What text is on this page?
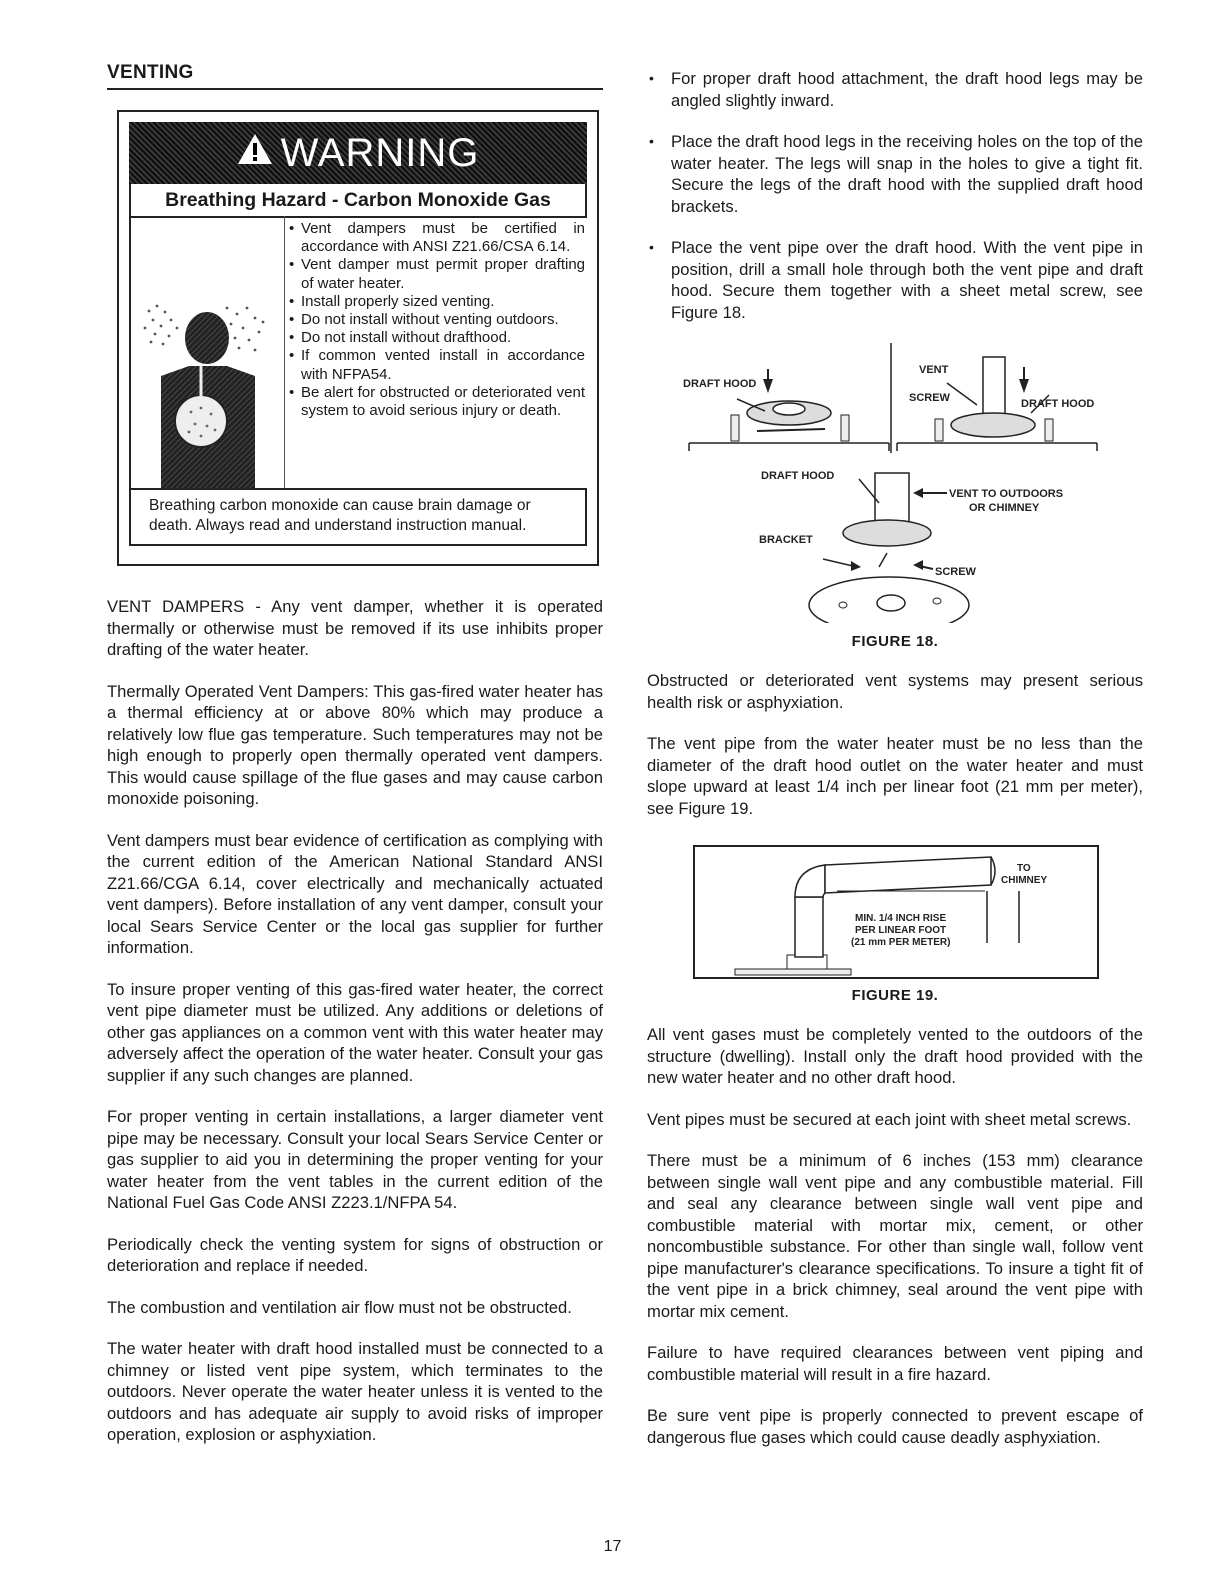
VENTING
WARNING
Breathing Hazard - Carbon Monoxide Gas
• Vent dampers must be certified in accordance with ANSI Z21.66/CSA 6.14.
• Vent damper must permit proper drafting of water heater.
• Install properly sized venting.
• Do not install without venting outdoors.
• Do not install without drafthood.
• If common vented install in accordance with NFPA54.
• Be alert for obstructed or deteriorated vent system to avoid serious injury or death.
Breathing carbon monoxide can cause brain damage or death. Always read and understand instruction manual.

VENT DAMPERS - Any vent damper, whether it is operated thermally or otherwise must be removed if its use inhibits proper drafting of the water heater.

Thermally Operated Vent Dampers: This gas-fired water heater has a thermal efficiency at or above 80% which may produce a relatively low flue gas temperature. Such temperatures may not be high enough to properly open thermally operated vent dampers. This would cause spillage of the flue gases and may cause carbon monoxide poisoning.

Vent dampers must bear evidence of certification as complying with the current edition of the American National Standard ANSI Z21.66/CGA 6.14, cover electrically and mechanically actuated vent dampers). Before installation of any vent damper, consult your local Sears Service Center or the local gas supplier for further information.

To insure proper venting of this gas-fired water heater, the correct vent pipe diameter must be utilized. Any additions or deletions of other gas appliances on a common vent with this water heater may adversely affect the operation of the water heater. Consult your gas supplier if any such changes are planned.

For proper venting in certain installations, a larger diameter vent pipe may be necessary. Consult your local Sears Service Center or gas supplier to aid you in determining the proper venting for your water heater from the vent tables in the current edition of the National Fuel Gas Code ANSI Z223.1/NFPA 54.

Periodically check the venting system for signs of obstruction or deterioration and replace if needed.

The combustion and ventilation air flow must not be obstructed.

The water heater with draft hood installed must be connected to a chimney or listed vent pipe system, which terminates to the outdoors. Never operate the water heater unless it is vented to the outdoors and has adequate air supply to avoid risks of improper operation, explosion or asphyxiation.

• For proper draft hood attachment, the draft hood legs may be angled slightly inward.
• Place the draft hood legs in the receiving holes on the top of the water heater. The legs will snap in the holes to give a tight fit. Secure the legs of the draft hood with the supplied draft hood brackets.
• Place the vent pipe over the draft hood. With the vent pipe in position, drill a small hole through both the vent pipe and draft hood. Secure them together with a sheet metal screw, see Figure 18.
DRAFT HOOD
VENT
SCREW	DRAFT HOOD
DRAFT HOOD
VENT TO OUTDOORS
OR CHIMNEY
BRACKET
SCREW
FIGURE 18.

Obstructed or deteriorated vent systems may present serious health risk or asphyxiation.

The vent pipe from the water heater must be no less than the diameter of the draft hood outlet on the water heater and must slope upward at least 1/4 inch per linear foot (21 mm per meter), see Figure 19.

TO
CHIMNEY
MIN. 1/4 INCH RISE
PER LINEAR FOOT
(21 mm PER METER)
FIGURE 19.

All vent gases must be completely vented to the outdoors of the structure (dwelling). Install only the draft hood provided with the new water heater and no other draft hood.

Vent pipes must be secured at each joint with sheet metal screws.

There must be a minimum of 6 inches (153 mm) clearance between single wall vent pipe and any combustible material. Fill and seal any clearance between single wall vent pipe and combustible material with mortar mix, cement, or other noncombustible substance. For other than single wall, follow vent pipe manufacturer's clearance specifications. To insure a tight fit of the vent pipe in a brick chimney, seal around the vent pipe with mortar mix cement.

Failure to have required clearances between vent piping and combustible material will result in a fire hazard.

Be sure vent pipe is properly connected to prevent escape of dangerous flue gases which could cause deadly asphyxiation.

17
